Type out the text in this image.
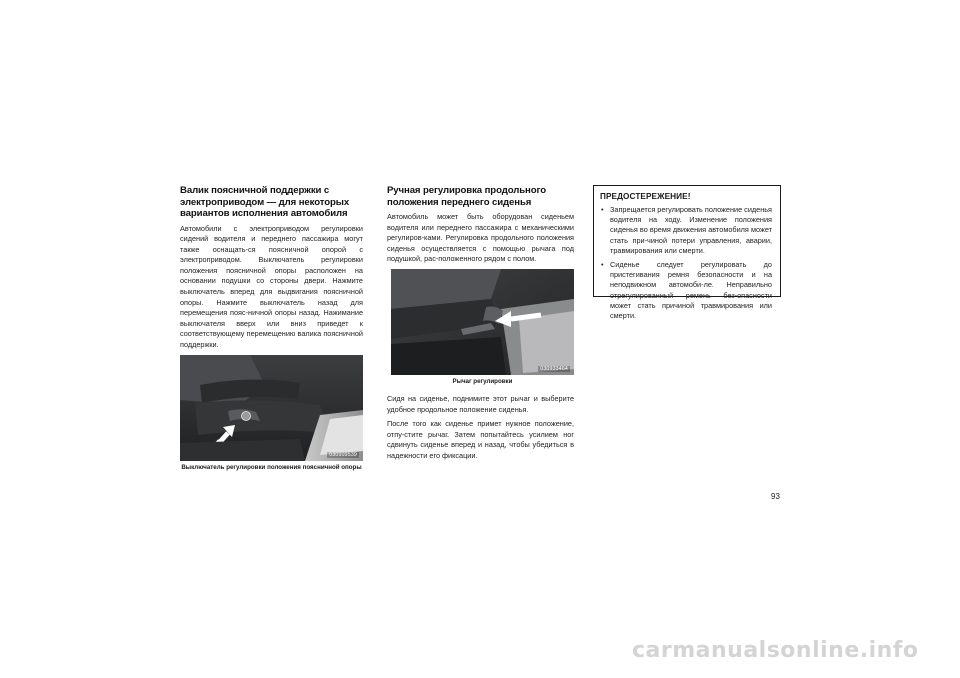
Валик поясничной поддержки с электроприводом — для некоторых вариантов исполнения автомобиля

Автомобили с электроприводом регулировки сидений водителя и переднего пассажира могут также оснащать-ся поясничной опорой с электроприводом. Выключатель регулировки положения поясничной опоры расположен на основании подушки со стороны двери. Нажмите выключатель вперед для выдвигания поясничной опоры. Нажмите выключатель назад для перемещения пояс-ничной опоры назад. Нажимание выключателя вверх или вниз приведет к соответствующему перемещению валика поясничной поддержки.

030909539
Выключатель регулировки положения поясничной опоры
Ручная регулировка продольного положения переднего сиденья

Автомобиль может быть оборудован сиденьем водителя или переднего пассажира с механическими регулиров-ками. Регулировка продольного положения сиденья осуществляется с помощью рычага под подушкой, рас-положенного рядом с полом.

030933464
Рычаг регулировки

Сидя на сиденье, поднимите этот рычаг и выберите удобное продольное положение сиденья.

После того как сиденье примет нужное положение, отпу-стите рычаг. Затем попытайтесь усилием ног сдвинуть сиденье вперед и назад, чтобы убедиться в надежности его фиксации.

ПРЕДОСТЕРЕЖЕНИЕ!
• Запрещается регулировать положение сиденья водителя на ходу. Изменение положения сиденья во время движения автомобиля может стать при-чиной потери управления, аварии, травмирования или смерти.
• Сиденье следует регулировать до пристегивания ремня безопасности и на неподвижном автомоби-ле. Неправильно отрегулированный ремень без-опасности может стать причиной травмирования или смерти.
93
carmanualsonline.info
